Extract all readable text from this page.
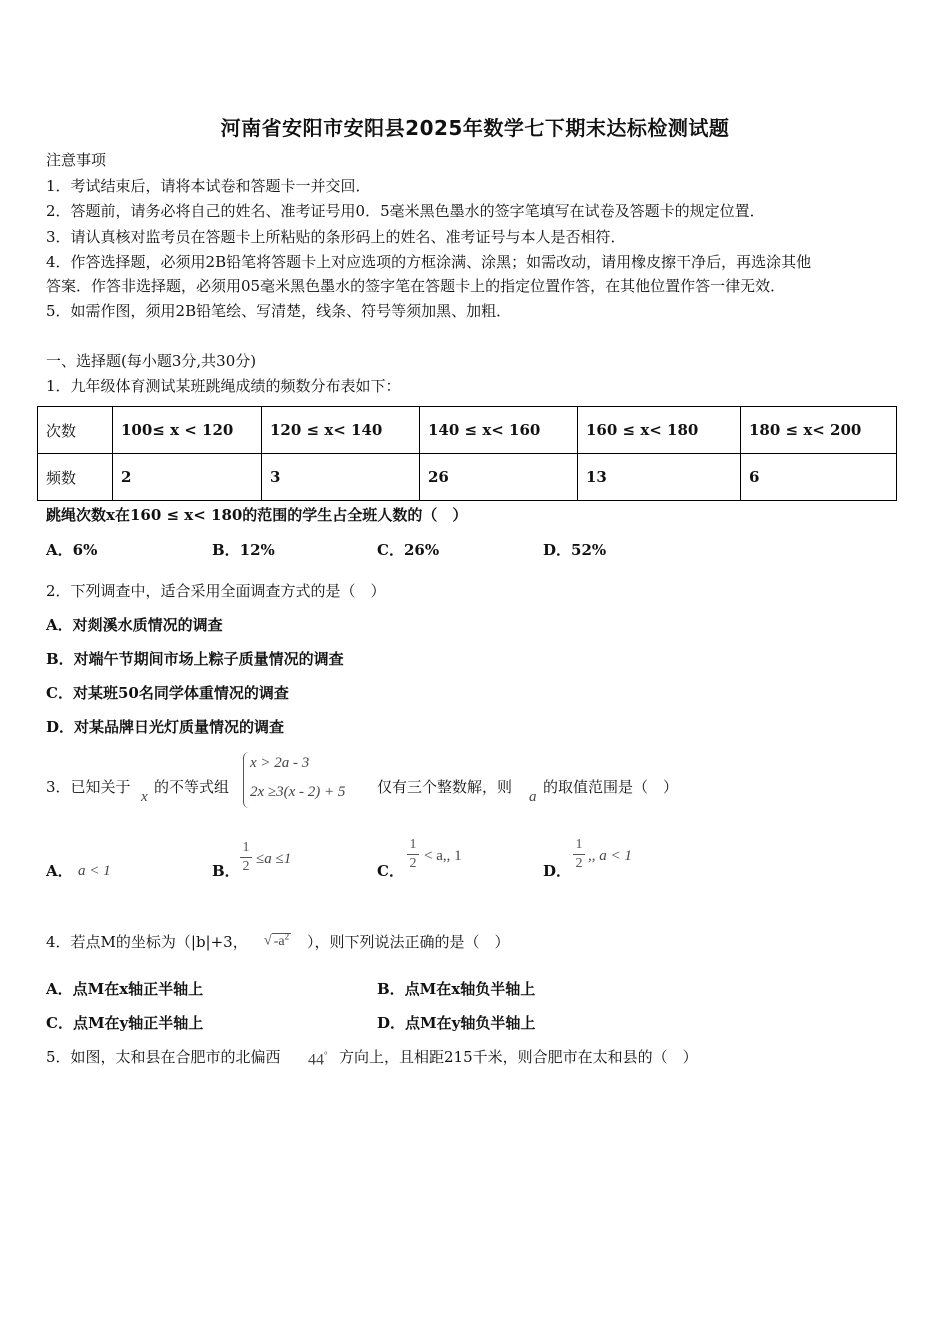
河南省安阳市安阳县2025年数学七下期末达标检测试题
注意事项
1．考试结束后，请将本试卷和答题卡一并交回．
2．答题前，请务必将自己的姓名、准考证号用0．5毫米黑色墨水的签字笔填写在试卷及答题卡的规定位置．
3．请认真核对监考员在答题卡上所粘贴的条形码上的姓名、准考证号与本人是否相符．
4．作答选择题，必须用2B铅笔将答题卡上对应选项的方框涂满、涂黑；如需改动，请用橡皮擦干净后，再选涂其他
答案．作答非选择题，必须用05毫米黑色墨水的签字笔在答题卡上的指定位置作答，在其他位置作答一律无效．
5．如需作图，须用2B铅笔绘、写清楚，线条、符号等须加黑、加粗．
一、选择题(每小题3分,共30分)
1．九年级体育测试某班跳绳成绩的频数分布表如下：
次数	100≤ x < 120	120 ≤ x< 140	140 ≤ x< 160	160 ≤ x< 180	180 ≤ x< 200
频数	2	3	26	13	6
跳绳次数x在160 ≤ x< 180的范围的学生占全班人数的（　）
A．6%	B．12%	C．26%	D．52%
2．下列调查中，适合采用全面调查方式的是（　）
A．对剡溪水质情况的调查
B．对端午节期间市场上粽子质量情况的调查
C．对某班50名同学体重情况的调查
D．对某品牌日光灯质量情况的调查
3．已知关于
x
的不等式组
x > 2a - 3
2x ≥3(x - 2) + 5 仅有三个整数解，则
a
的取值范围是（　）
A． a < 1	B．
1
2 ≤a ≤1
C．
1
2 < a,, 1
D．
1
2 ,, a < 1
4．若点M的坐标为（|b|+3， √ $-a^2$ ），则下列说法正确的是（　）
A．点M在x轴正半轴上	B．点M在x轴负半轴上
C．点M在y轴正半轴上	D．点M在y轴负半轴上
5．如图，太和县在合肥市的北偏西 44° 方向上，且相距215千米，则合肥市在太和县的（　）
